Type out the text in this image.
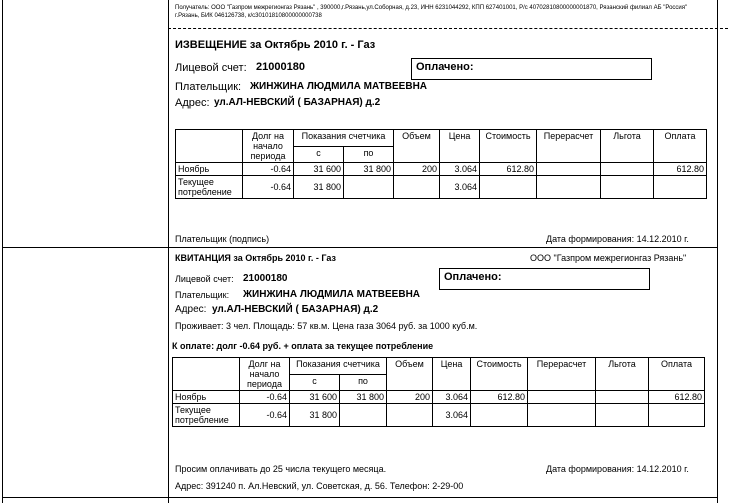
Получатель: ООО "Газпром межрегионгаз Рязань" , 390000,г.Рязань,ул.Соборная, д.23, ИНН 6231044292, КПП 627401001, Р/с 40702810800000001870, Рязанский филиал АБ "Россия" г.Рязань, БИК 046126738, к/с30101810800000000738
ИЗВЕЩЕНИЕ за Октябрь 2010 г. - Газ
Лицевой счет: 21000180	Оплачено:
Плательщик: ЖИНЖИНА ЛЮДМИЛА МАТВЕЕВНА
Адрес: ул.АЛ-НЕВСКИЙ ( БАЗАРНАЯ) д.2
	Долг на начало периода	Показания счетчика		Объем	Цена	Стоимость	Перерасчет	Льгота	Оплата
		с	по						
Ноябрь	-0.64	31 600	31 800	200	3.064	612.80			612.80
Текущее потребление	-0.64	31 800			3.064				
Плательщик (подпись)	Дата формирования: 14.12.2010 г.
КВИТАНЦИЯ за Октябрь 2010 г. - Газ	ООО "Газпром межрегионгаз Рязань"
Лицевой счет: 21000180	Оплачено:
Плательщик: ЖИНЖИНА ЛЮДМИЛА МАТВЕЕВНА
Адрес: ул.АЛ-НЕВСКИЙ ( БАЗАРНАЯ) д.2
Проживает: 3 чел. Площадь: 57 кв.м. Цена газа 3064 руб. за 1000 куб.м.
К оплате: долг -0.64 руб. + оплата за текущее потребление
	Долг на начало периода	Показания счетчика		Объем	Цена	Стоимость	Перерасчет	Льгота	Оплата
		с	по						
Ноябрь	-0.64	31 600	31 800	200	3.064	612.80			612.80
Текущее потребление	-0.64	31 800			3.064				
Просим оплачивать до 25 числа текущего месяца.	Дата формирования: 14.12.2010 г.
Адрес: 391240 п. Ал.Невский, ул. Советская, д. 56. Телефон: 2-29-00
